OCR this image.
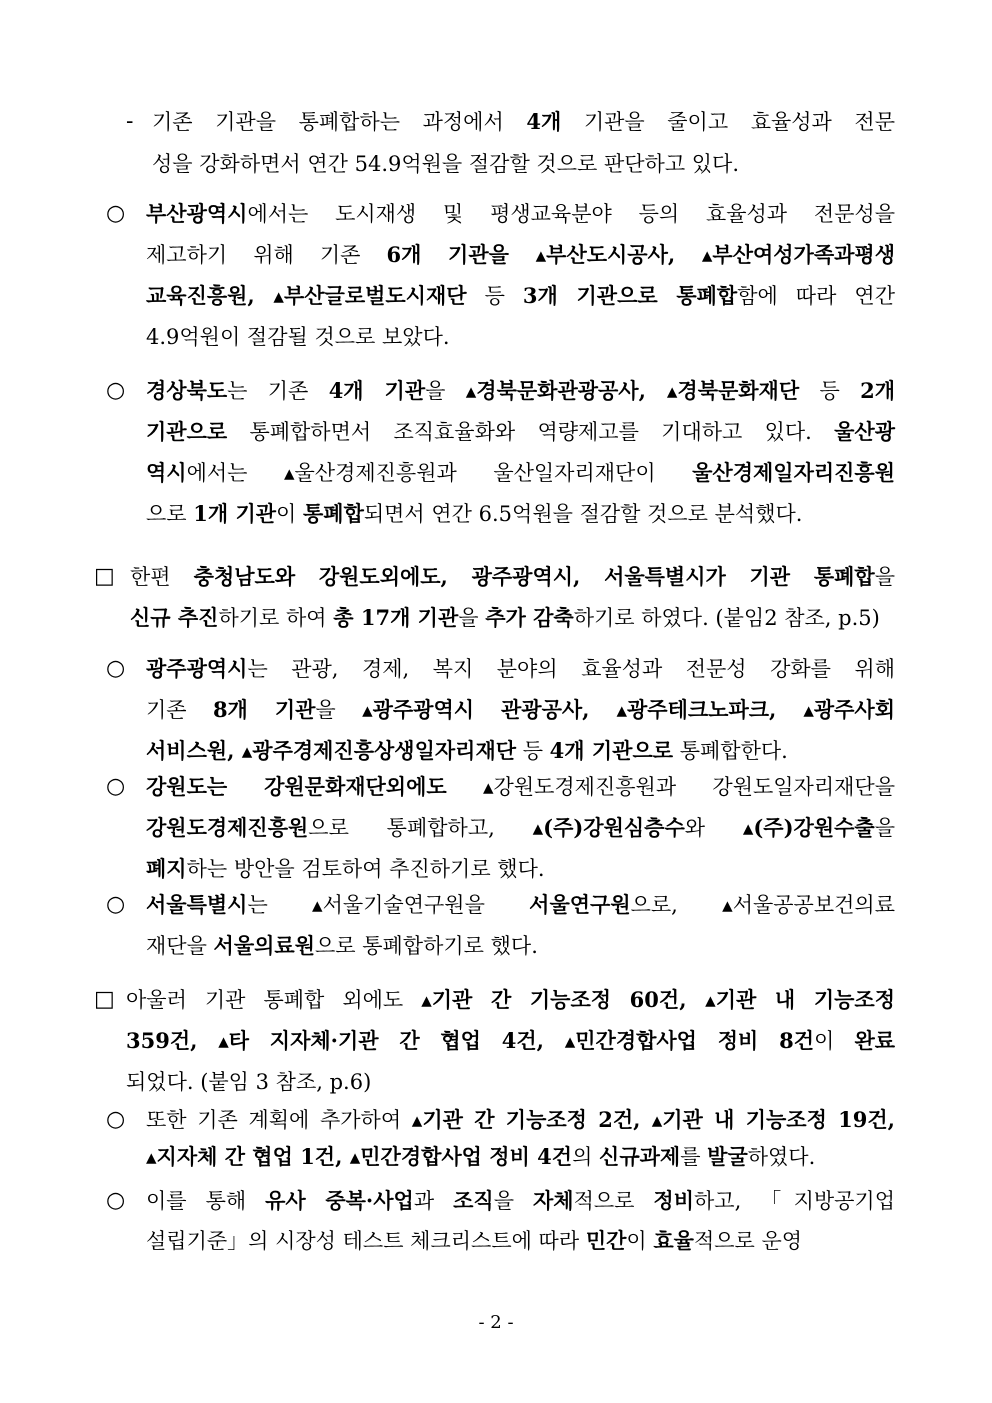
- 기존 기관을 통폐합하는 과정에서 4개 기관을 줄이고 효율성과 전문
성을 강화하면서 연간 54.9억원을 절감할 것으로 판단하고 있다.
○ 부산광역시에서는 도시재생 및 평생교육분야 등의 효율성과 전문성을
제고하기 위해 기존 6개 기관을 ▴부산도시공사, ▴부산여성가족과평생
교육진흥원, ▴부산글로벌도시재단 등 3개 기관으로 통폐합함에 따라 연간
4.9억원이 절감될 것으로 보았다.
○ 경상북도는 기존 4개 기관을 ▴경북문화관광공사, ▴경북문화재단 등 2개
기관으로 통폐합하면서 조직효율화와 역량제고를 기대하고 있다. 울산광
역시에서는 ▴울산경제진흥원과 울산일자리재단이 울산경제일자리진흥원
으로 1개 기관이 통폐합되면서 연간 6.5억원을 절감할 것으로 분석했다.
□ 한편 충청남도와 강원도외에도, 광주광역시, 서울특별시가 기관 통폐합을
신규 추진하기로 하여 총 17개 기관을 추가 감축하기로 하였다. (붙임2 참조, p.5)
○ 광주광역시는 관광, 경제, 복지 분야의 효율성과 전문성 강화를 위해
기존 8개 기관을 ▴광주광역시 관광공사, ▴광주테크노파크, ▴광주사회
서비스원, ▴광주경제진흥상생일자리재단 등 4개 기관으로 통폐합한다.
○ 강원도는 강원문화재단외에도 ▴강원도경제진흥원과 강원도일자리재단을
강원도경제진흥원으로 통폐합하고, ▴(주)강원심층수와 ▴(주)강원수출을
폐지하는 방안을 검토하여 추진하기로 했다.
○ 서울특별시는 ▴서울기술연구원을 서울연구원으로, ▴서울공공보건의료
재단을 서울의료원으로 통폐합하기로 했다.
□ 아울러 기관 통폐합 외에도 ▴기관 간 기능조정 60건, ▴기관 내 기능조정
359건, ▴타 지자체·기관 간 협업 4건, ▴민간경합사업 정비 8건이 완료
되었다. (붙임 3 참조, p.6)
○ 또한 기존 계획에 추가하여 ▴기관 간 기능조정 2건, ▴기관 내 기능조정 19건,
▴지자체 간 협업 1건, ▴민간경합사업 정비 4건의 신규과제를 발굴하였다.
○ 이를 통해 유사 중복·사업과 조직을 자체적으로 정비하고, 「지방공기업
설립기준」의 시장성 테스트 체크리스트에 따라 민간이 효율적으로 운영
- 2 -
